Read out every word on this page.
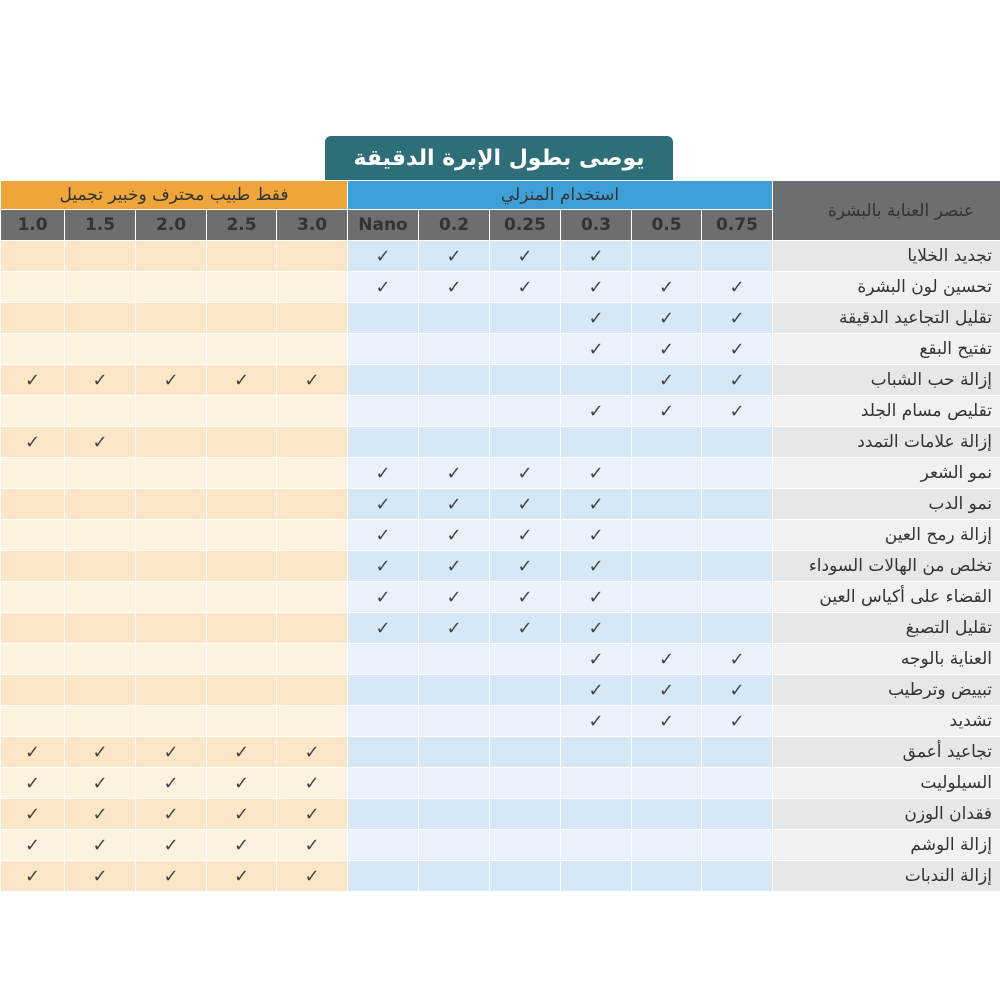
يوصى بطول الإبرة الدقيقة
فقط طبيب محترف وخبير تجميل					استخدام المنزلي						عنصر العناية بالبشرة
1.0	1.5	2.0	2.5	3.0	Nano	0.2	0.25	0.3	0.5	0.75	
					✓	✓	✓	✓			تجديد الخلايا
					✓	✓	✓	✓	✓	✓	تحسين لون البشرة
								✓	✓	✓	تقليل التجاعيد الدقيقة
								✓	✓	✓	تفتيح البقع
✓	✓	✓	✓	✓					✓	✓	إزالة حب الشباب
								✓	✓	✓	تقليص مسام الجلد
✓	✓										إزالة علامات التمدد
					✓	✓	✓	✓			نمو الشعر
					✓	✓	✓	✓			نمو الدب
					✓	✓	✓	✓			إزالة رمح العين
					✓	✓	✓	✓			تخلص من الهالات السوداء
					✓	✓	✓	✓			القضاء على أكياس العين
					✓	✓	✓	✓			تقليل التصبغ
								✓	✓	✓	العناية بالوجه
								✓	✓	✓	تبييض وترطيب
								✓	✓	✓	تشديد
✓	✓	✓	✓	✓							تجاعيد أعمق
✓	✓	✓	✓	✓							السيلوليت
✓	✓	✓	✓	✓							فقدان الوزن
✓	✓	✓	✓	✓							إزالة الوشم
✓	✓	✓	✓	✓							إزالة الندبات
